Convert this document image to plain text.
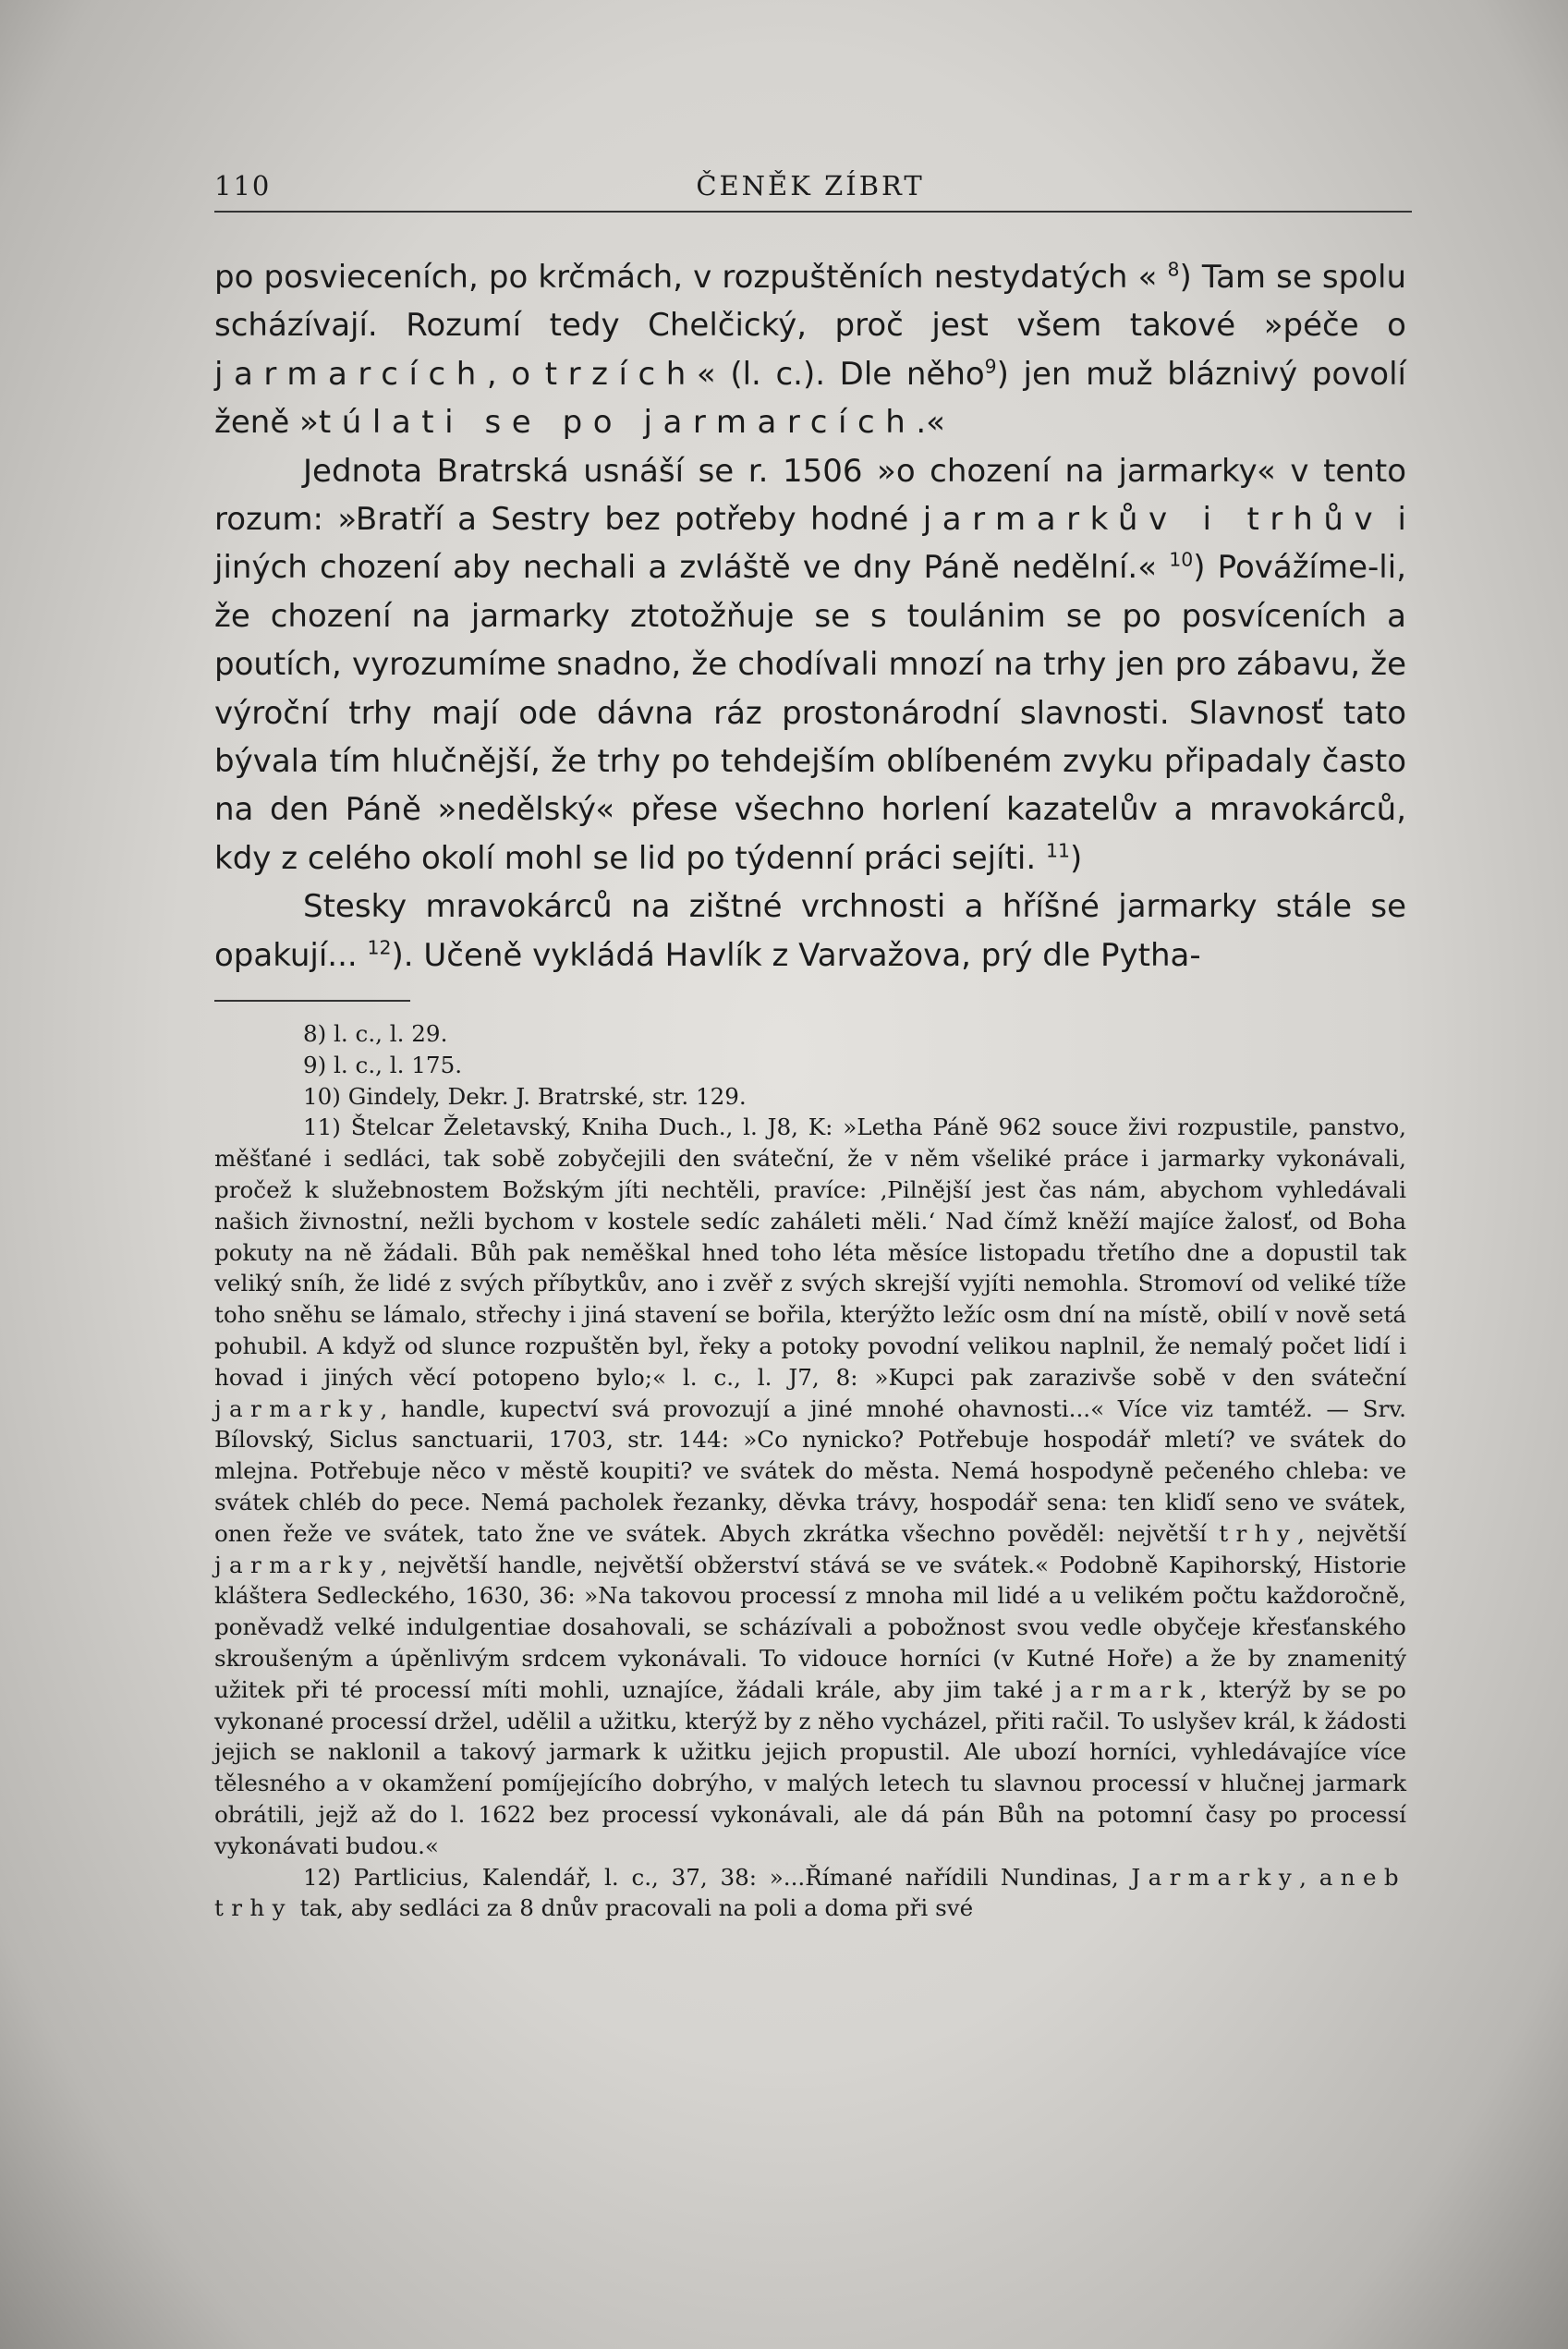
110	ČENĚK ZÍBRT

po posvieceních, po krčmách, v rozpuštěních nestydatých « $^8$) Tam se spolu scházívají. Rozumí tedy Chelčický, proč jest všem takové »péče o jarmarcích, o trzích« (l. c.). Dle něho$^9$) jen muž bláznivý povolí ženě »túlati se po jarmarcích.«

Jednota Bratrská usnáší se r. 1506 »o chození na jarmarky« v tento rozum: »Bratří a Sestry bez potřeby hodné jarmarkův i trhův i jiných chození aby nechali a zvláště ve dny Páně nedělní.« $^{10}$) Povážíme-li, že chození na jarmarky ztotožňuje se s toulánim se po posvíceních a poutích, vyrozumíme snadno, že chodívali mnozí na trhy jen pro zábavu, že výroční trhy mají ode dávna ráz prostonárodní slavnosti. Slavnosť tato bývala tím hlučnější, že trhy po tehdejším oblíbeném zvyku připadaly často na den Páně »nedělský« přese všechno horlení kazatelův a mravokárců, kdy z celého okolí mohl se lid po týdenní práci sejíti. $^{11}$)

Stesky mravokárců na zištné vrchnosti a hříšné jarmarky stále se opakují... $^{12}$). Učeně vykládá Havlík z Varvažova, prý dle Pytha-

8) l. c., l. 29.

9) l. c., l. 175.

10) Gindely, Dekr. J. Bratrské, str. 129.

11) Štelcar Želetavský, Kniha Duch., l. J8, K: »Letha Páně 962 souce živi rozpustile, panstvo, měšťané i sedláci, tak sobě zobyčejili den sváteční, že v něm všeliké práce i jarmarky vykonávali, pročež k služebnostem Božským jíti nechtěli, pravíce: ‚Pilnější jest čas nám, abychom vyhledávali našich živnostní, nežli bychom v kostele sedíc zaháleti měli.‘ Nad čímž kněží majíce žalosť, od Boha pokuty na ně žádali. Bůh pak neměškal hned toho léta měsíce listopadu třetího dne a dopustil tak veliký sníh, že lidé z svých příbytkův, ano i zvěř z svých skrejší vyjíti nemohla. Stromoví od veliké tíže toho sněhu se lámalo, střechy i jiná stavení se bořila, kterýžto ležíc osm dní na místě, obilí v nově setá pohubil. A když od slunce rozpuštěn byl, řeky a potoky povodní velikou naplnil, že nemalý počet lidí i hovad i jiných věcí potopeno bylo;« l. c., l. J7, 8: »Kupci pak zarazivše sobě v den sváteční jarmarky, handle, kupectví svá provozují a jiné mnohé ohavnosti...« Více viz tamtéž. — Srv. Bílovský, Siclus sanctuarii, 1703, str. 144: »Co nynicko? Potřebuje hospodář mletí? ve svátek do mlejna. Potřebuje něco v městě koupiti? ve svátek do města. Nemá hospodyně pečeného chleba: ve svátek chléb do pece. Nemá pacholek řezanky, děvka trávy, hospodář sena: ten kliďí seno ve svátek, onen řeže ve svátek, tato žne ve svátek. Abych zkrátka všechno pověděl: největší trhy, největší jarmarky, největší handle, největší obžerství stává se ve svátek.« Podobně Kapihorský, Historie kláštera Sedleckého, 1630, 36: »Na takovou processí z mnoha mil lidé a u velikém počtu každoročně, poněvadž velké indulgentiae dosahovali, se scházívali a pobožnost svou vedle obyčeje křesťanského skroušeným a úpěnlivým srdcem vykonávali. To vidouce horníci (v Kutné Hoře) a že by znamenitý užitek při té processí míti mohli, uznajíce, žádali krále, aby jim také jarmark, kterýž by se po vykonané processí držel, udělil a užitku, kterýž by z něho vycházel, přiti račil. To uslyšev král, k žádosti jejich se naklonil a takový jarmark k užitku jejich propustil. Ale ubozí horníci, vyhledávajíce více tělesného a v okamžení pomíjejícího dobrýho, v malých letech tu slavnou processí v hlučnej jarmark obrátili, jejž až do l. 1622 bez processí vykonávali, ale dá pán Bůh na potomní časy po processí vykonávati budou.«

12) Partlicius, Kalendář, l. c., 37, 38: »...Římané nařídili Nundinas, Jarmarky, aneb trhy tak, aby sedláci za 8 dnův pracovali na poli a doma při své
